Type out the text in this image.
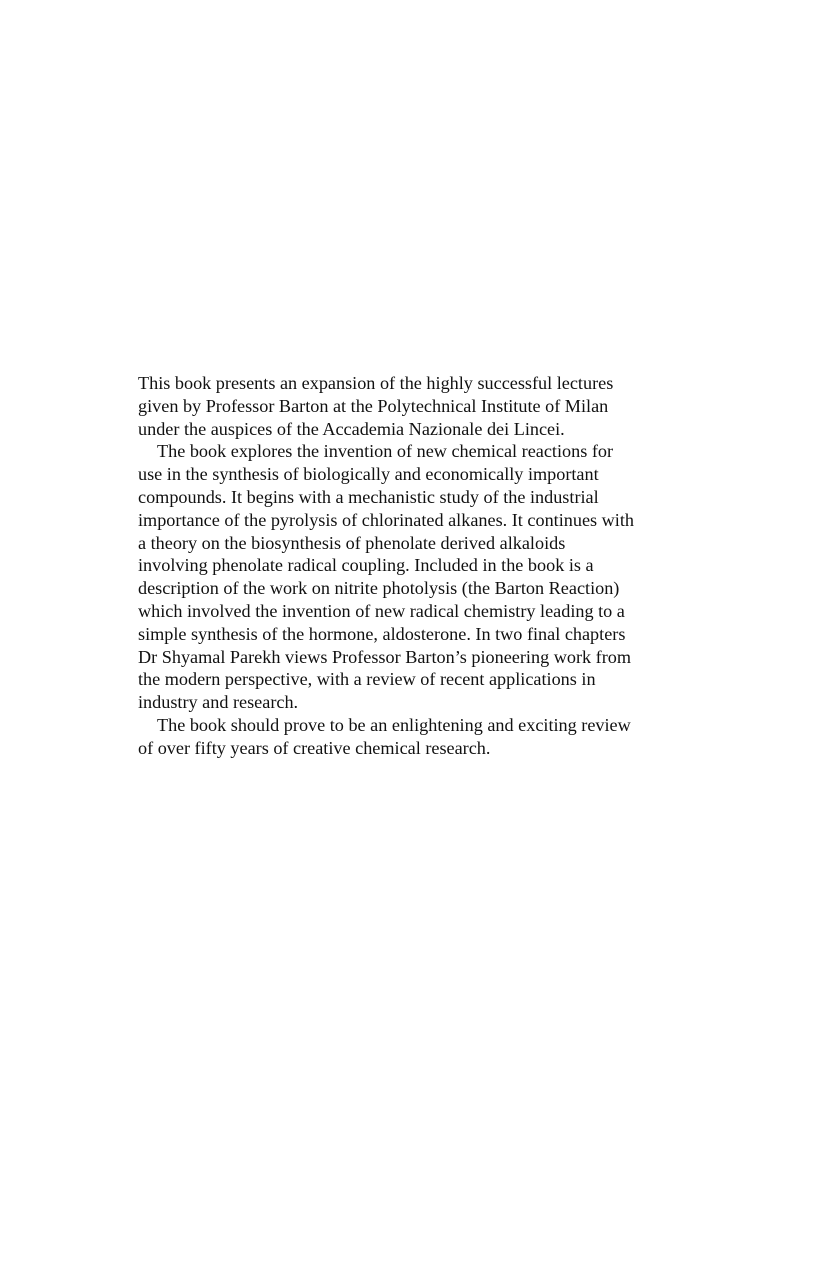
This book presents an expansion of the highly successful lectures
given by Professor Barton at the Polytechnical Institute of Milan
under the auspices of the Accademia Nazionale dei Lincei.
The book explores the invention of new chemical reactions for
use in the synthesis of biologically and economically important
compounds. It begins with a mechanistic study of the industrial
importance of the pyrolysis of chlorinated alkanes. It continues with
a theory on the biosynthesis of phenolate derived alkaloids
involving phenolate radical coupling. Included in the book is a
description of the work on nitrite photolysis (the Barton Reaction)
which involved the invention of new radical chemistry leading to a
simple synthesis of the hormone, aldosterone. In two final chapters
Dr Shyamal Parekh views Professor Barton’s pioneering work from
the modern perspective, with a review of recent applications in
industry and research.
The book should prove to be an enlightening and exciting review
of over fifty years of creative chemical research.
